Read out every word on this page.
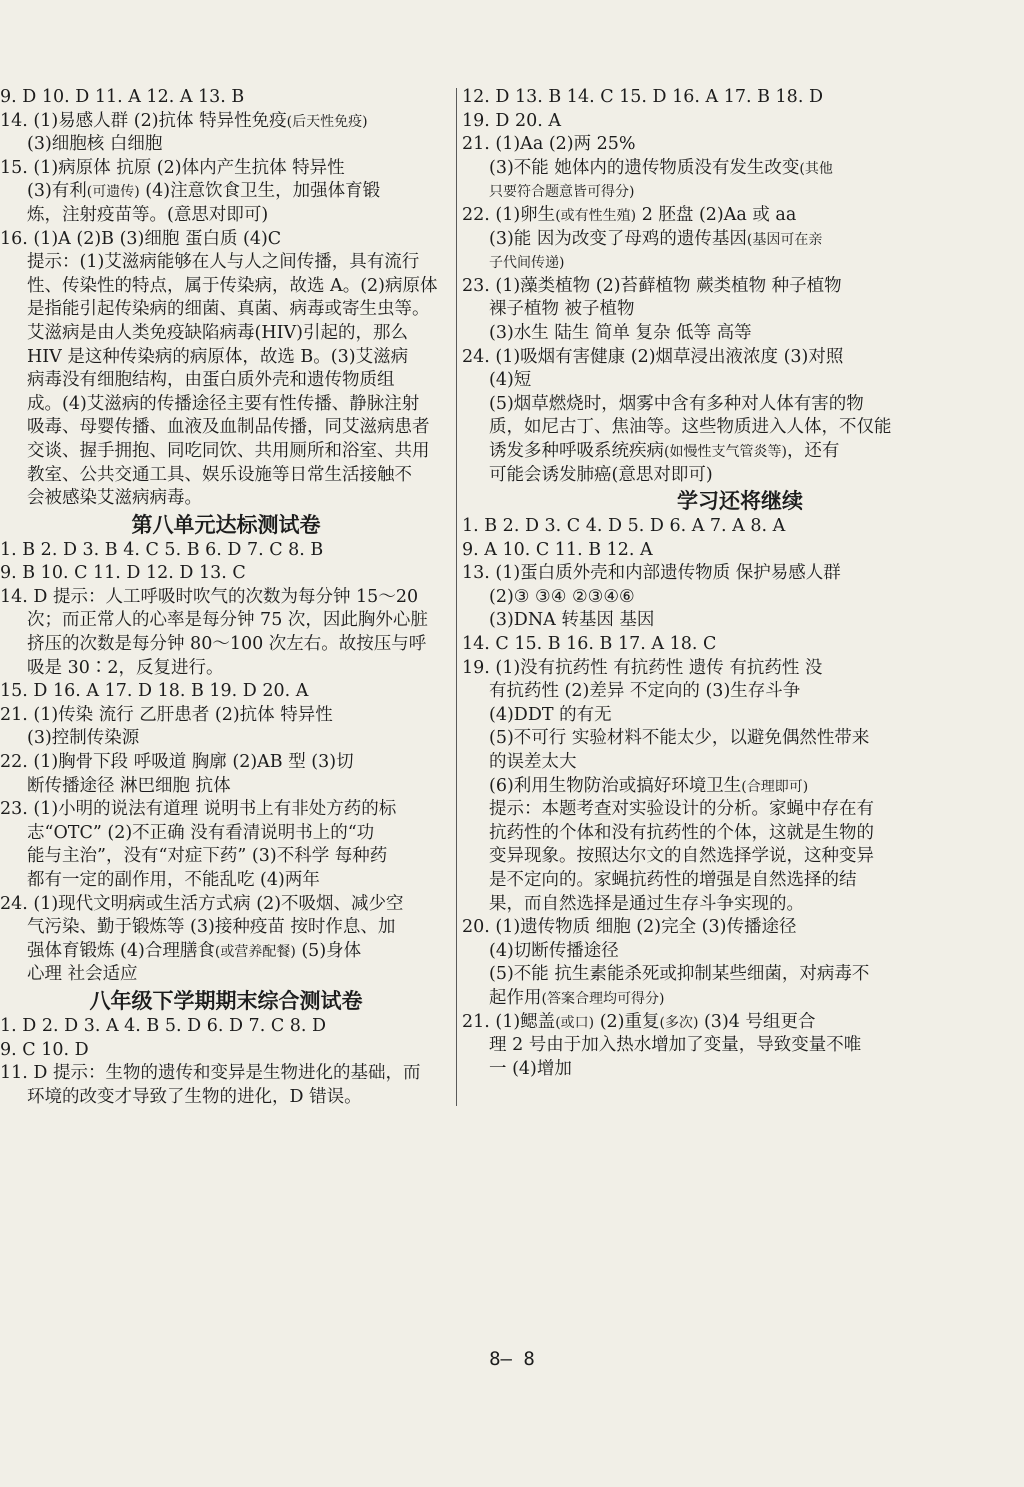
9. D 10. D 11. A 12. A 13. B
14. (1)易感人群 (2)抗体 特异性免疫(后天性免疫)
(3)细胞核 白细胞
15. (1)病原体 抗原 (2)体内产生抗体 特异性
(3)有利(可遗传) (4)注意饮食卫生，加强体育锻
炼，注射疫苗等。(意思对即可)
16. (1)A (2)B (3)细胞 蛋白质 (4)C
提示：(1)艾滋病能够在人与人之间传播，具有流行
性、传染性的特点，属于传染病，故选 A。(2)病原体
是指能引起传染病的细菌、真菌、病毒或寄生虫等。
艾滋病是由人类免疫缺陷病毒(HIV)引起的，那么
HIV 是这种传染病的病原体，故选 B。(3)艾滋病
病毒没有细胞结构，由蛋白质外壳和遗传物质组
成。(4)艾滋病的传播途径主要有性传播、静脉注射
吸毒、母婴传播、血液及血制品传播，同艾滋病患者
交谈、握手拥抱、同吃同饮、共用厕所和浴室、共用
教室、公共交通工具、娱乐设施等日常生活接触不
会被感染艾滋病病毒。
第八单元达标测试卷
1. B 2. D 3. B 4. C 5. B 6. D 7. C 8. B
9. B 10. C 11. D 12. D 13. C
14. D 提示：人工呼吸时吹气的次数为每分钟 15～20
次；而正常人的心率是每分钟 75 次，因此胸外心脏
挤压的次数是每分钟 80～100 次左右。故按压与呼
吸是 30∶2，反复进行。
15. D 16. A 17. D 18. B 19. D 20. A
21. (1)传染 流行 乙肝患者 (2)抗体 特异性
(3)控制传染源
22. (1)胸骨下段 呼吸道 胸廓 (2)AB 型 (3)切
断传播途径 淋巴细胞 抗体
23. (1)小明的说法有道理 说明书上有非处方药的标
志“OTC” (2)不正确 没有看清说明书上的“功
能与主治”，没有“对症下药” (3)不科学 每种药
都有一定的副作用，不能乱吃 (4)两年
24. (1)现代文明病或生活方式病 (2)不吸烟、减少空
气污染、勤于锻炼等 (3)接种疫苗 按时作息、加
强体育锻炼 (4)合理膳食(或营养配餐) (5)身体
心理 社会适应
八年级下学期期末综合测试卷
1. D 2. D 3. A 4. B 5. D 6. D 7. C 8. D
9. C 10. D
11. D 提示：生物的遗传和变异是生物进化的基础，而
环境的改变才导致了生物的进化，D 错误。
12. D 13. B 14. C 15. D 16. A 17. B 18. D
19. D 20. A
21. (1)Aa (2)两 25%
(3)不能 她体内的遗传物质没有发生改变(其他
只要符合题意皆可得分)
22. (1)卵生(或有性生殖) 2 胚盘 (2)Aa 或 aa
(3)能 因为改变了母鸡的遗传基因(基因可在亲
子代间传递)
23. (1)藻类植物 (2)苔藓植物 蕨类植物 种子植物
裸子植物 被子植物
(3)水生 陆生 简单 复杂 低等 高等
24. (1)吸烟有害健康 (2)烟草浸出液浓度 (3)对照
(4)短
(5)烟草燃烧时，烟雾中含有多种对人体有害的物
质，如尼古丁、焦油等。这些物质进入人体，不仅能
诱发多种呼吸系统疾病(如慢性支气管炎等)，还有
可能会诱发肺癌(意思对即可)
学习还将继续
1. B 2. D 3. C 4. D 5. D 6. A 7. A 8. A
9. A 10. C 11. B 12. A
13. (1)蛋白质外壳和内部遗传物质 保护易感人群
(2)③ ③④ ②③④⑥
(3)DNA 转基因 基因
14. C 15. B 16. B 17. A 18. C
19. (1)没有抗药性 有抗药性 遗传 有抗药性 没
有抗药性 (2)差异 不定向的 (3)生存斗争
(4)DDT 的有无
(5)不可行 实验材料不能太少，以避免偶然性带来
的误差太大
(6)利用生物防治或搞好环境卫生(合理即可)
提示：本题考查对实验设计的分析。家蝇中存在有
抗药性的个体和没有抗药性的个体，这就是生物的
变异现象。按照达尔文的自然选择学说，这种变异
是不定向的。家蝇抗药性的增强是自然选择的结
果，而自然选择是通过生存斗争实现的。
20. (1)遗传物质 细胞 (2)完全 (3)传播途径
(4)切断传播途径
(5)不能 抗生素能杀死或抑制某些细菌，对病毒不
起作用(答案合理均可得分)
21. (1)鳃盖(或口) (2)重复(多次) (3)4 号组更合
理 2 号由于加入热水增加了变量，导致变量不唯
一 (4)增加
8— 8
